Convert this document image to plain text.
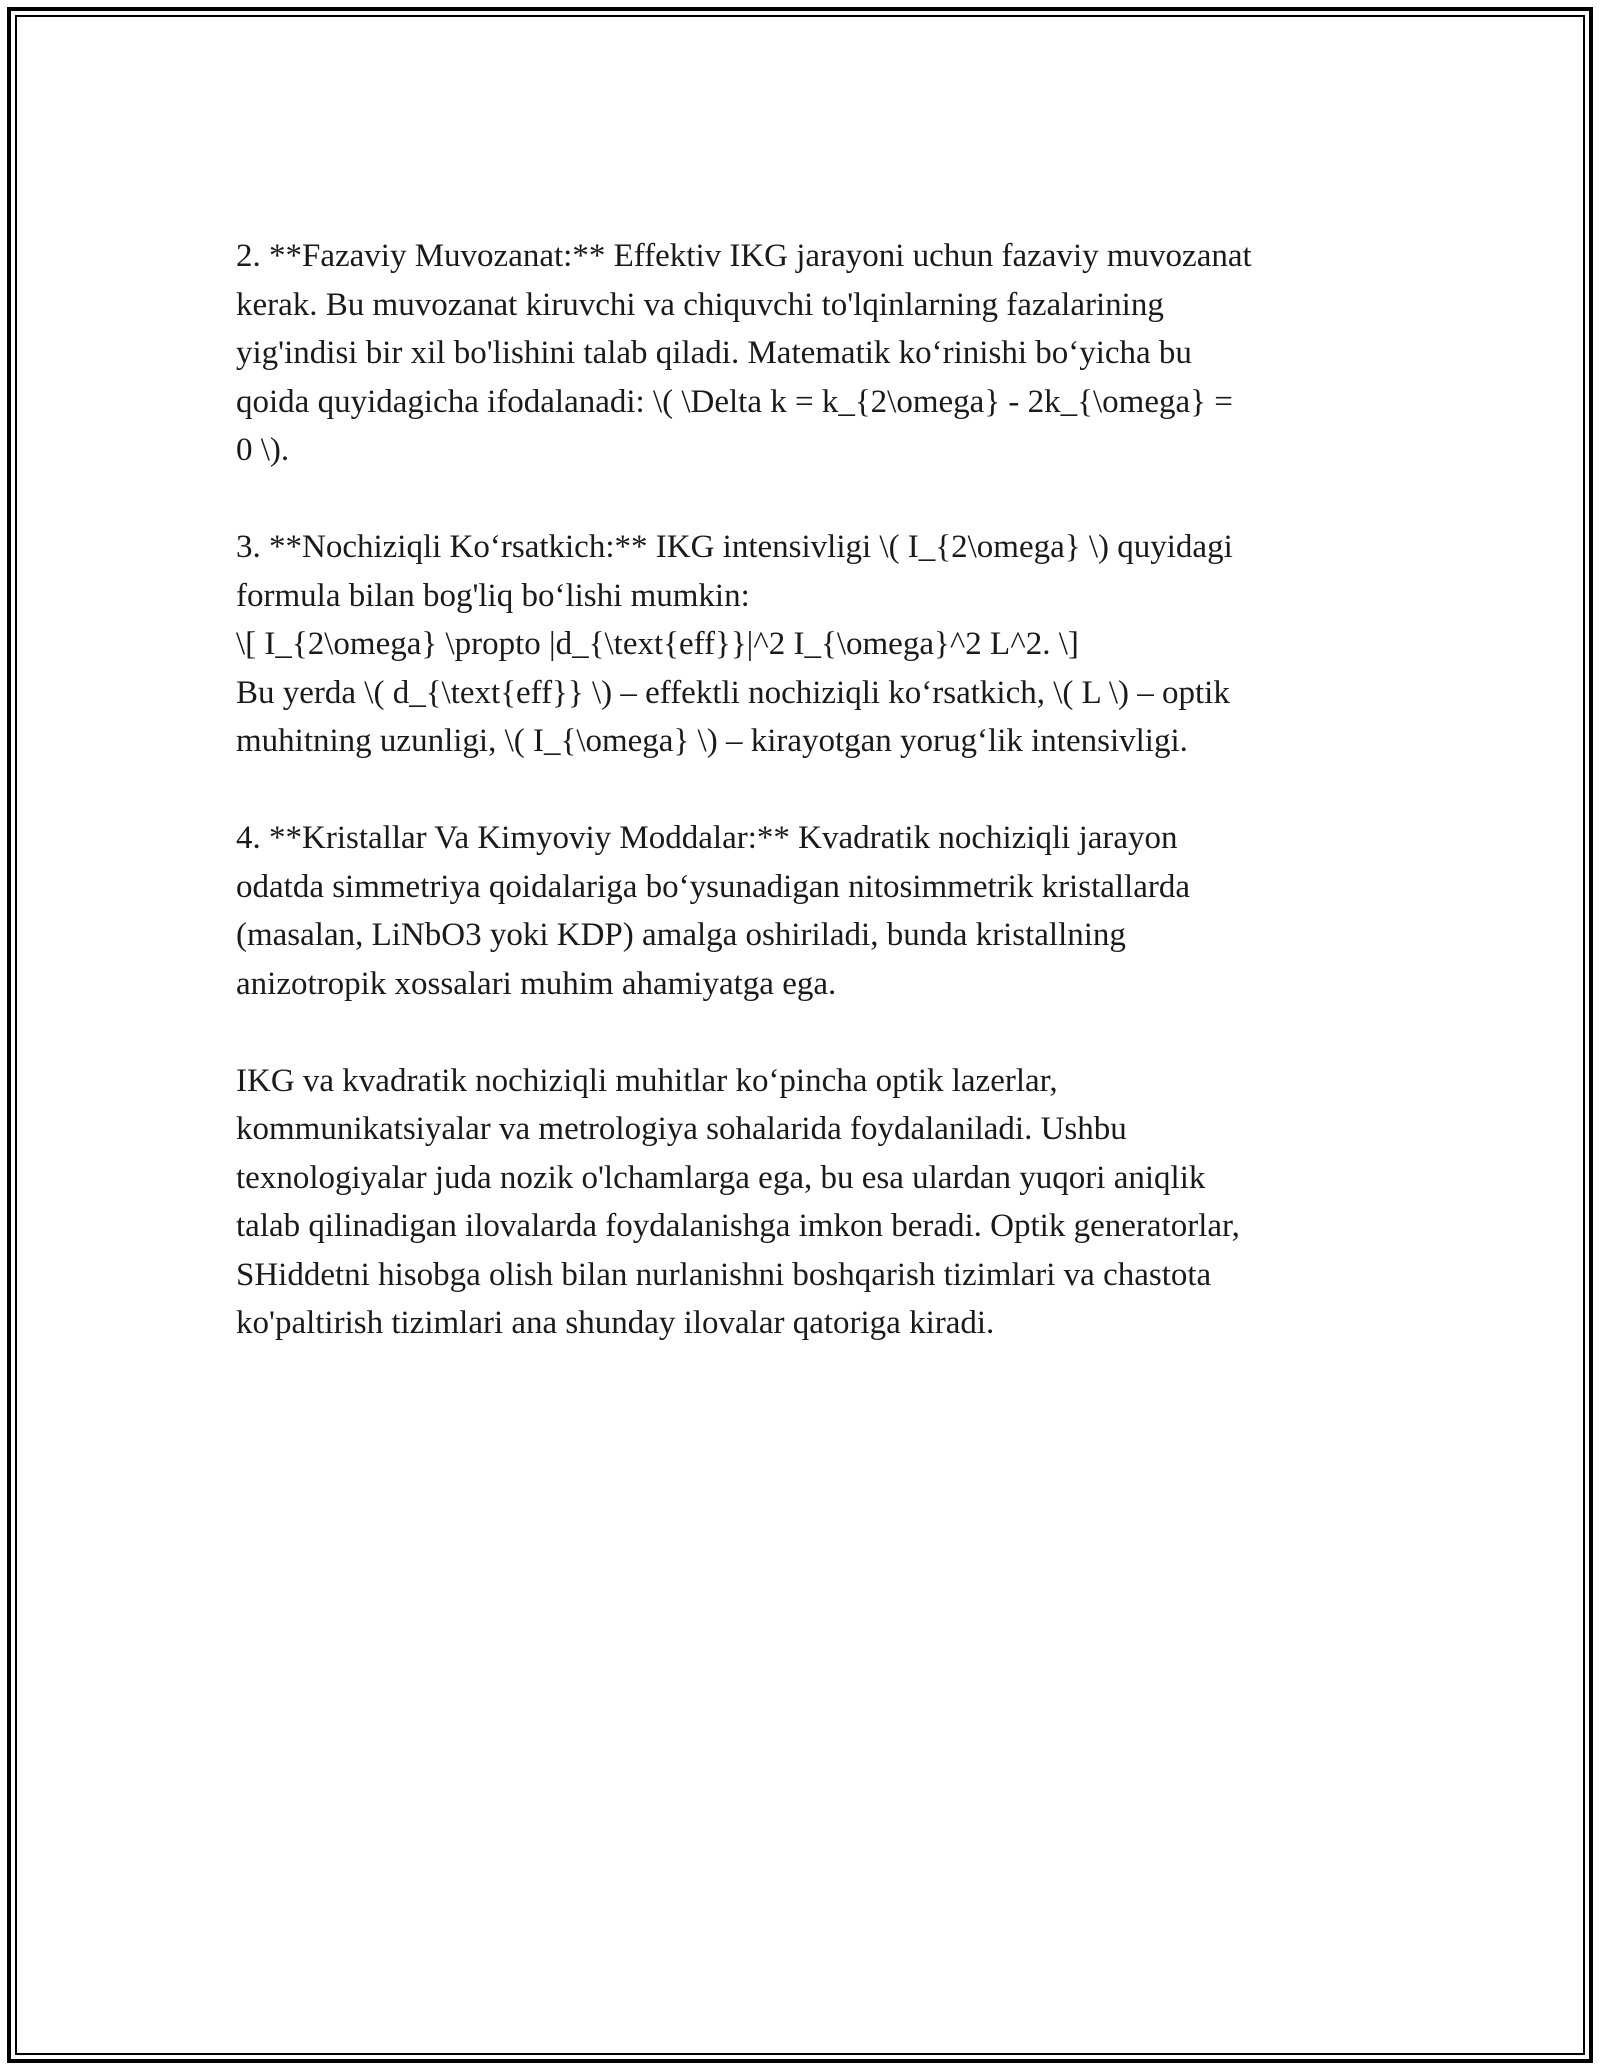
2. **Fazaviy Muvozanat:** Effektiv IKG jarayoni uchun fazaviy muvozanat
kerak. Bu muvozanat kiruvchi va chiquvchi to'lqinlarning fazalarining
yig'indisi bir xil bo'lishini talab qiladi. Matematik ko‘rinishi bo‘yicha bu
qoida quyidagicha ifodalanadi: \( \Delta k = k_{2\omega} - 2k_{\omega} =
0 \).
3. **Nochiziqli Ko‘rsatkich:** IKG intensivligi \( I_{2\omega} \) quyidagi
formula bilan bog'liq bo‘lishi mumkin:
\[ I_{2\omega} \propto |d_{\text{eff}}|^2 I_{\omega}^2 L^2. \]
Bu yerda \( d_{\text{eff}} \) – effektli nochiziqli ko‘rsatkich, \( L \) – optik
muhitning uzunligi, \( I_{\omega} \) – kirayotgan yorug‘lik intensivligi.
4. **Kristallar Va Kimyoviy Moddalar:** Kvadratik nochiziqli jarayon
odatda simmetriya qoidalariga bo‘ysunadigan nitosimmetrik kristallarda
(masalan, LiNbO3 yoki KDP) amalga oshiriladi, bunda kristallning
anizotropik xossalari muhim ahamiyatga ega.
IKG va kvadratik nochiziqli muhitlar ko‘pincha optik lazerlar,
kommunikatsiyalar va metrologiya sohalarida foydalaniladi. Ushbu
texnologiyalar juda nozik o'lchamlarga ega, bu esa ulardan yuqori aniqlik
talab qilinadigan ilovalarda foydalanishga imkon beradi. Optik generatorlar,
SHiddetni hisobga olish bilan nurlanishni boshqarish tizimlari va chastota
ko'paltirish tizimlari ana shunday ilovalar qatoriga kiradi.
